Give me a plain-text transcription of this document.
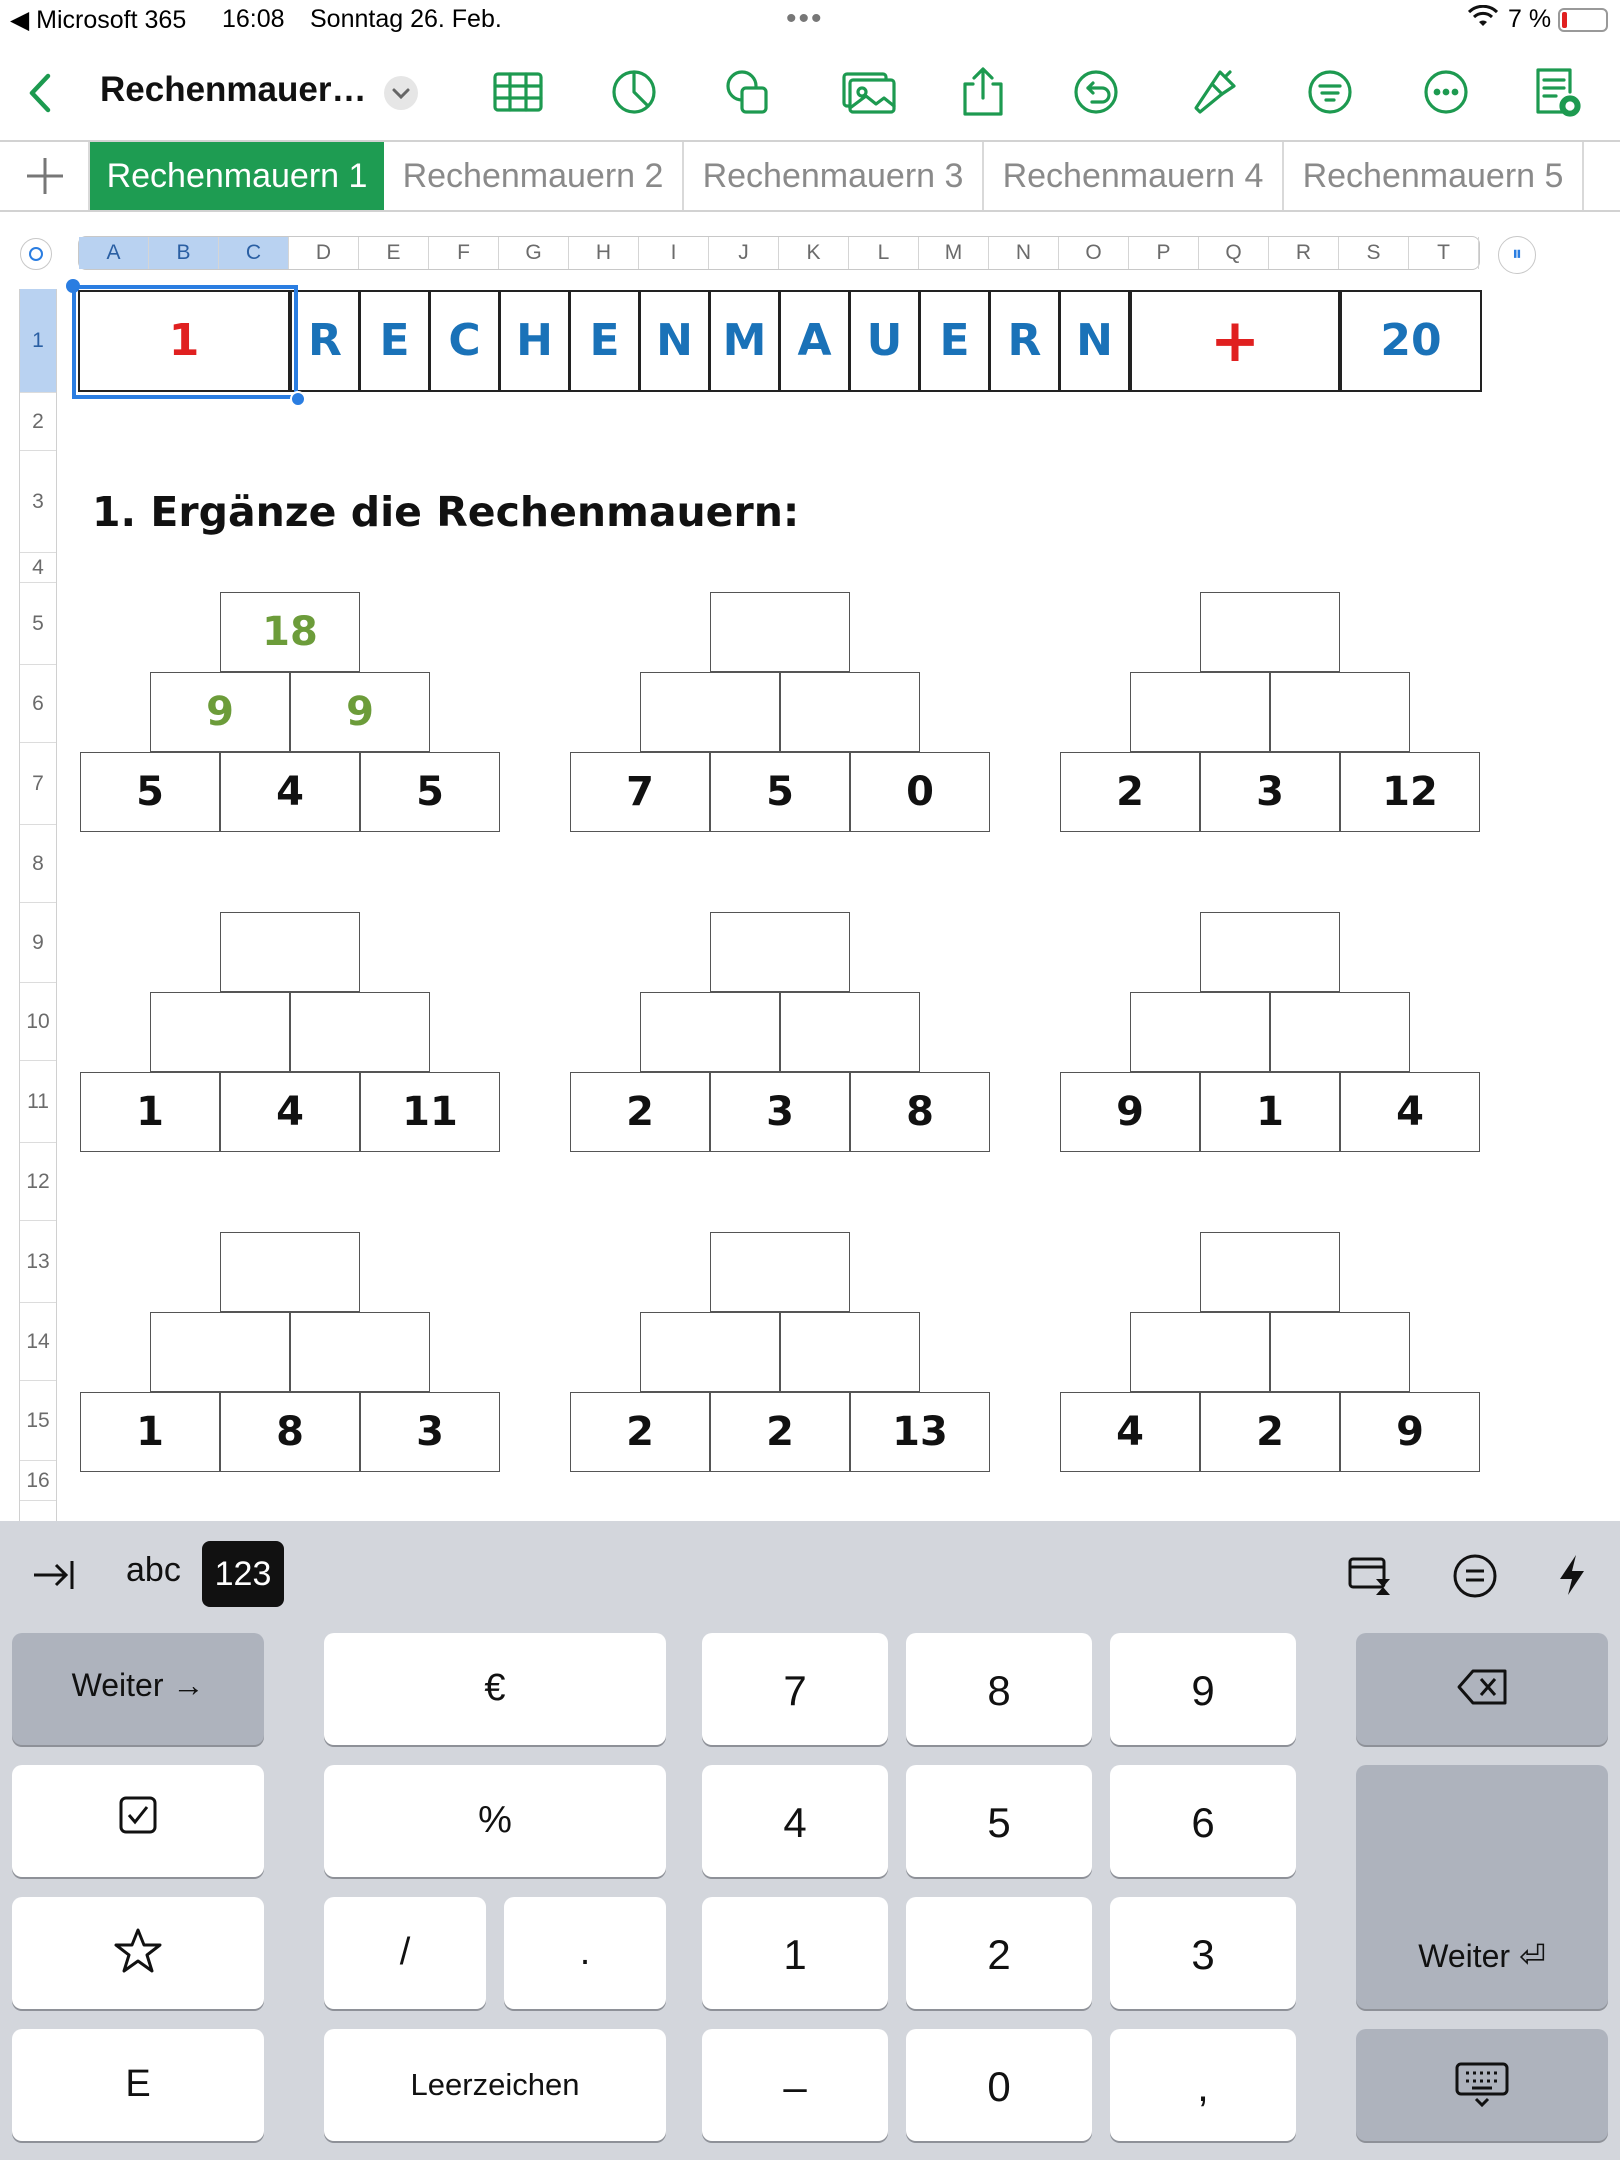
◀ Microsoft 365 16:08 Sonntag 26. Feb.	•••	7 %
Rechenmauer…
Rechenmauern 1	Rechenmauern 2	Rechenmauern 3	Rechenmauern 4	Rechenmauern 5
A	B	C	D	E	F	G	H	I	J	K	L	M	N	O	P	Q	R	S	T	⏸
1
2
3
4
5
6
7
8
9
10
11
12
13
14
15
16
1	R E C H E N M A U E R N	+	20
1. Ergänze die Rechenmauern:
18
9	9
5	4	5	7	5	0	2	3	12
1	4	11	2	3	8	9	1	4
1	8	3	2	2	13	4	2	9
abc 123
Weiter →
E
€
%
/	.
Leerzeichen
7	8	9
4	5	6
1	2	3
–	0	,
Weiter ⏎
